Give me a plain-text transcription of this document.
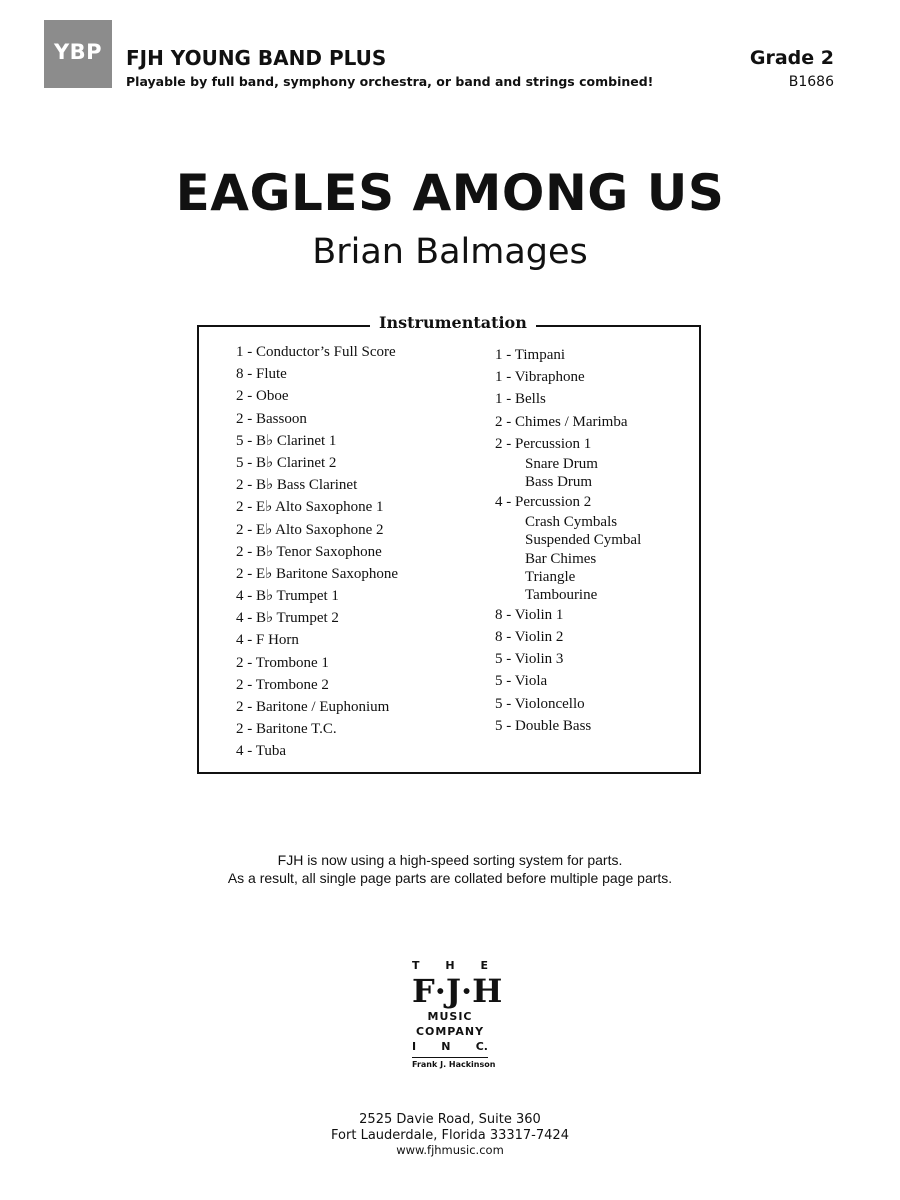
YBP	FJH YOUNG BAND PLUS
Playable by full band, symphony orchestra, or band and strings combined!
Grade 2
B1686
EAGLES AMONG US
Brian Balmages
Instrumentation
1 - Conductor’s Full Score
8 - Flute
2 - Oboe
2 - Bassoon
5 - B♭ Clarinet 1
5 - B♭ Clarinet 2
2 - B♭ Bass Clarinet
2 - E♭ Alto Saxophone 1
2 - E♭ Alto Saxophone 2
2 - B♭ Tenor Saxophone
2 - E♭ Baritone Saxophone
4 - B♭ Trumpet 1
4 - B♭ Trumpet 2
4 - F Horn
2 - Trombone 1
2 - Trombone 2
2 - Baritone / Euphonium
2 - Baritone T.C.
4 - Tuba
1 - Timpani
1 - Vibraphone
1 - Bells
2 - Chimes / Marimba
2 - Percussion 1
Snare Drum
Bass Drum
4 - Percussion 2
Crash Cymbals
Suspended Cymbal
Bar Chimes
Triangle
Tambourine
8 - Violin 1
8 - Violin 2
5 - Violin 3
5 - Viola
5 - Violoncello
5 - Double Bass
FJH is now using a high-speed sorting system for parts.
As a result, all single page parts are collated before multiple page parts.
T H E
F · J · H
MUSIC
COMPANY
I N C.
Frank J. Hackinson
2525 Davie Road, Suite 360
Fort Lauderdale, Florida 33317-7424
www.fjhmusic.com
